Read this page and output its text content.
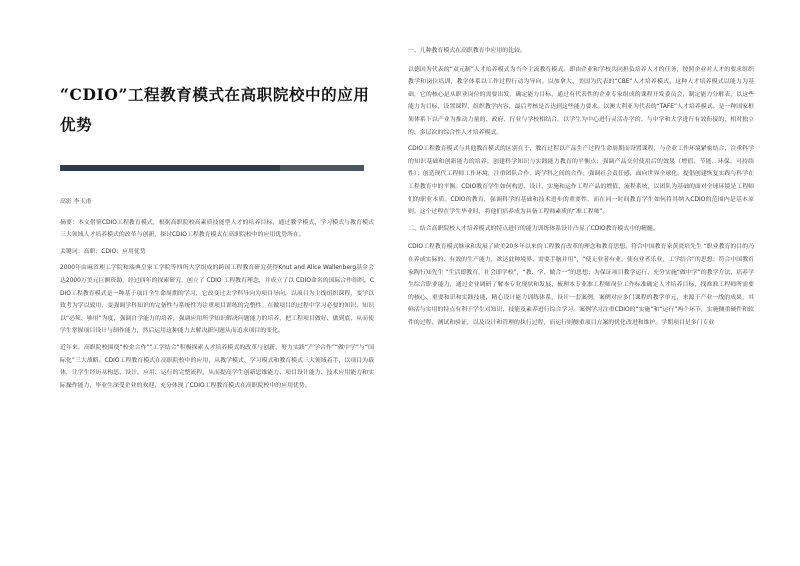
“CDIO”工程教育模式在高职院校中的应用优势

高影 李玉甫

摘要：本文借鉴CDIO工程教育模式，根据高职院校高素质技能型人才的培养目标，通过教学模式、学习模式与教育模式三大领域人才培养模式的改革与创新，探讨CDIO工程教育模式在高职院校中的应用优势所在。

关键词：高职；CDIO；应用优势

2000年由麻省理工学院和瑞典皇家工学院等四所大学组成的跨国工程教育研究获得Knut and Alice Wallenberg基金会达2000万美元巨额资助，经过四年的探索研究，创立了 CDIO 工程教育理念，并成立了以 CDIO命名的国际合作组织。CDIO工程教育模式是一种基于项目全生命周期的学习，它改变过去学科导向为项目导向，以项目为主线组织课程，变学以致考为学以致用，变强调学科知识的完备性与系统性为注重项目训练的完整性。在做项目的过程中学习必要的知识，知识以“必须、够用”为度，强调自学能力的培养，强调应用所学知识解决问题能力的培养，把工程项目做好、做到底，从而使学生掌握项目设计与制作能力，然后运用这种能力去解决新问题从而追求项目的变化。

近年来，高职院校围绕“校企合作”“工学结合”积极探索人才培养模式的改革与创新，努力实践“产学合作”“做中学”与“国际化”三大战略。CDIO工程教育模式在高职院校中的应用，从教学模式、学习模式和教育模式三大领域着手，以项目为载体，让学生经历从构思、设计、应用、运行的完整流程，从而提高学生创新思维能力、项目设计能力、技术应用能力和实际操作能力，毕业生深受企业的欢迎，充分体现了CDIO工程教育模式在高职院校中的应用优势。

一、几种教育模式在高职教育中应用的比较。

以德国为代表的“双元制”人才培养模式为当今主流教育模式。即由企业和学校共同担负培养人才的任务，按照企业对人才的要求组织教学和岗位培训，教学体系以工作过程行动为导向。以加拿大、美国为代表的“CBE”人才培养模式。这种人才培养模式以能力为基础，它的核心是从职业岗位的需要出发，确定能力目标，通过有代表性的企业专家组成的课程开发委员会，制定能力分解表，以这些能力为目标，设置课程，组织教学内容，最后考核是否达到这些能力要求。以澳大利亚为代表的“TAFE”人才培养模式。是一种国家框架体系下以产业为推动力量的、政府、行业与学校相结合，以学生为中心进行灵活办学的、与中学和大学进行有效衔接的，相对独立的、多层次的综合性人才培养模式。

CDIO工程教育模式与其他教育模式的区别在于，教育过程以产品生产过程生命周期而设置课程，与企业工作环境紧密结合，注重科学的知识基础和创新能力的培养，创建科学知识与实践能力教育的平衡点；强调产品交付使用后的效果（增值、节能、环保、可持续性）；创造现代工程师工作环境，注重团队合作、跨学科之间的合作；强调社会责任感，面向世界全球化，提倡创建恢复实践与科学在工程教育中的平衡。CDIO教育学生如何构思、设计、实施和运作工程产品的增值、流程系统，以团队为基础的面对全球环境是工程师们的职业本质。CDIO的教育，强调科学的基础和技术进步的重要性，而在同一时间教育学生如何将其纳入CDIO的范围内是基本原则。这个过程在学生毕业时，将他们培养成为具备工程师素质的“准工程师”。

二、结合高职院校人才培养模式的特点进行的能力训练体系设计凸显了CDIO教育模式中的精髓。

CDIO工程教育模式继承和发展了欧美20多年以来的工程教育改革的理念和教育思想。符合中国教育家黄炎培先生 “职业教育的目的乃在养成实际的、有效的生产能力，欲达此种境界，需要手脑并用”，“使无业者有业，使有业者乐业，工学结合”的思想；符合中国教育家陶行知先生 “生活即教育，社会即学校”，“教、学、做合一”的思想；为保证项目教学运行，充分实施“做中学”的教学方法，培养学生综合职业能力，通过企业调研了解本专业现状和发展，梳理本专业准工程师岗位工作标准确定人才培养目标，找准准工程师所需要的核心、重要和识和实践技能，精心设计能力训练体系，设计一套案例，案例对应多门课程的教学单元，来源于产业一线的成果，其鲜活与实用的特点有利于学生对知识、技能及素养进行综合学习。案例学习注重CDIO的“实施”和“运行”两个环节，实施侧重硬件和软件的过程、测试和验证，以及设计和管理的执行过程，而运行则侧重项目方案的优化改进和维护。学期项目是多门专业
